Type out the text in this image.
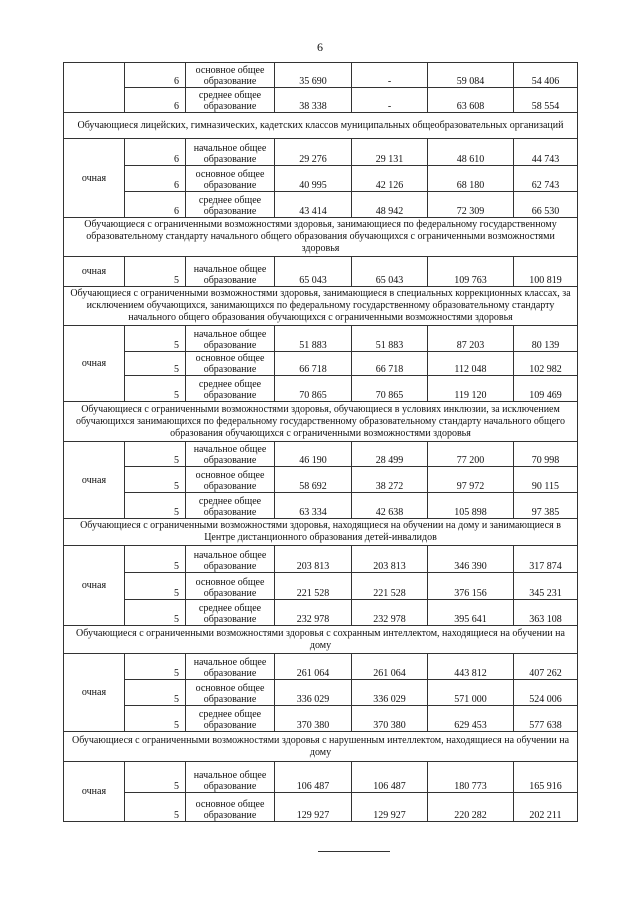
6
	6	основное общее образование	35 690	-	59 084	54 406
	6	среднее общее образование	38 338	-	63 608	58 554
Обучающиеся лицейских, гимназических, кадетских классов муниципальных общеобразовательных организаций						
очная	6	начальное общее образование	29 276	29 131	48 610	44 743
	6	основное общее образование	40 995	42 126	68 180	62 743
	6	среднее общее образование	43 414	48 942	72 309	66 530
Обучающиеся с ограниченными возможностями здоровья, занимающиеся по федеральному государственному образовательному стандарту начального общего образования обучающихся с ограниченными возможностями здоровья						
очная	5	начальное общее образование	65 043	65 043	109 763	100 819
Обучающиеся с ограниченными возможностями здоровья, занимающиеся в специальных коррекционных классах, за исключением обучающихся, занимающихся по федеральному государственному образовательному стандарту начального общего образования обучающихся с ограниченными возможностями здоровья						
очная	5	начальное общее образование	51 883	51 883	87 203	80 139
	5	основное общее образование	66 718	66 718	112 048	102 982
	5	среднее общее образование	70 865	70 865	119 120	109 469
Обучающиеся с ограниченными возможностями здоровья, обучающиеся в условиях инклюзии, за исключением обучающихся занимающихся по федеральному государственному образовательному стандарту начального общего образования обучающихся с ограниченными возможностями здоровья						
очная	5	начальное общее образование	46 190	28 499	77 200	70 998
	5	основное общее образование	58 692	38 272	97 972	90 115
	5	среднее общее образование	63 334	42 638	105 898	97 385
Обучающиеся с ограниченными возможностями здоровья, находящиеся на обучении на дому и занимающиеся в Центре дистанционного образования детей-инвалидов						
очная	5	начальное общее образование	203 813	203 813	346 390	317 874
	5	основное общее образование	221 528	221 528	376 156	345 231
	5	среднее общее образование	232 978	232 978	395 641	363 108
Обучающиеся с ограниченными возможностями здоровья с сохранным интеллектом, находящиеся на обучении на дому						
очная	5	начальное общее образование	261 064	261 064	443 812	407 262
	5	основное общее образование	336 029	336 029	571 000	524 006
	5	среднее общее образование	370 380	370 380	629 453	577 638
Обучающиеся с ограниченными возможностями здоровья с нарушенным интеллектом, находящиеся на обучении на дому						
очная	5	начальное общее образование	106 487	106 487	180 773	165 916
	5	основное общее образование	129 927	129 927	220 282	202 211
